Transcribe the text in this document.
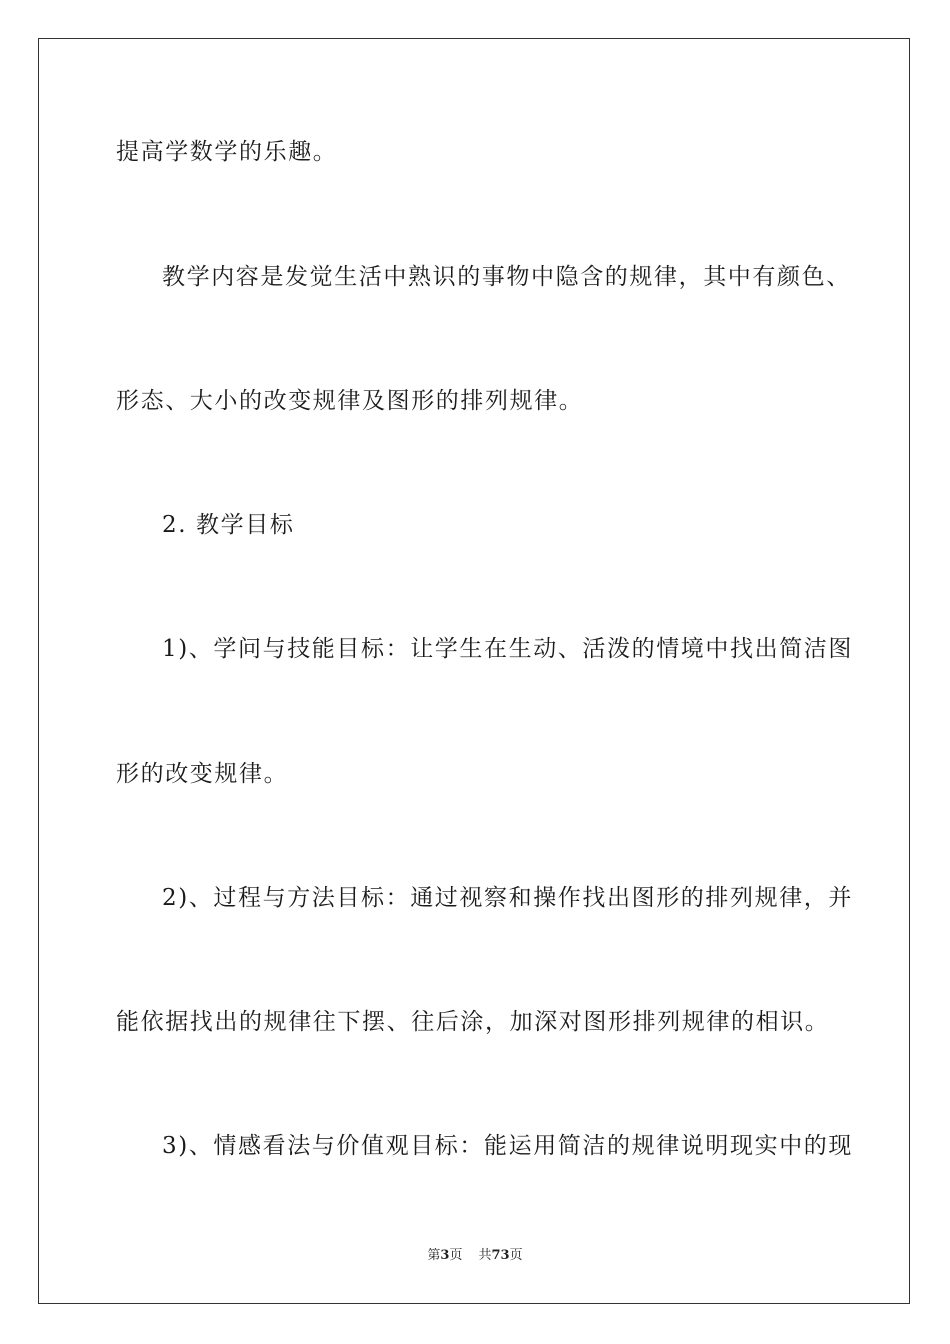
提高学数学的乐趣。
教学内容是发觉生活中熟识的事物中隐含的规律，其中有颜色、
形态、大小的改变规律及图形的排列规律。
2. 教学目标
1)、学问与技能目标：让学生在生动、活泼的情境中找出简洁图
形的改变规律。
2)、过程与方法目标：通过视察和操作找出图形的排列规律，并
能依据找出的规律往下摆、往后涂，加深对图形排列规律的相识。
3)、情感看法与价值观目标：能运用简洁的规律说明现实中的现
第3页 共73页
